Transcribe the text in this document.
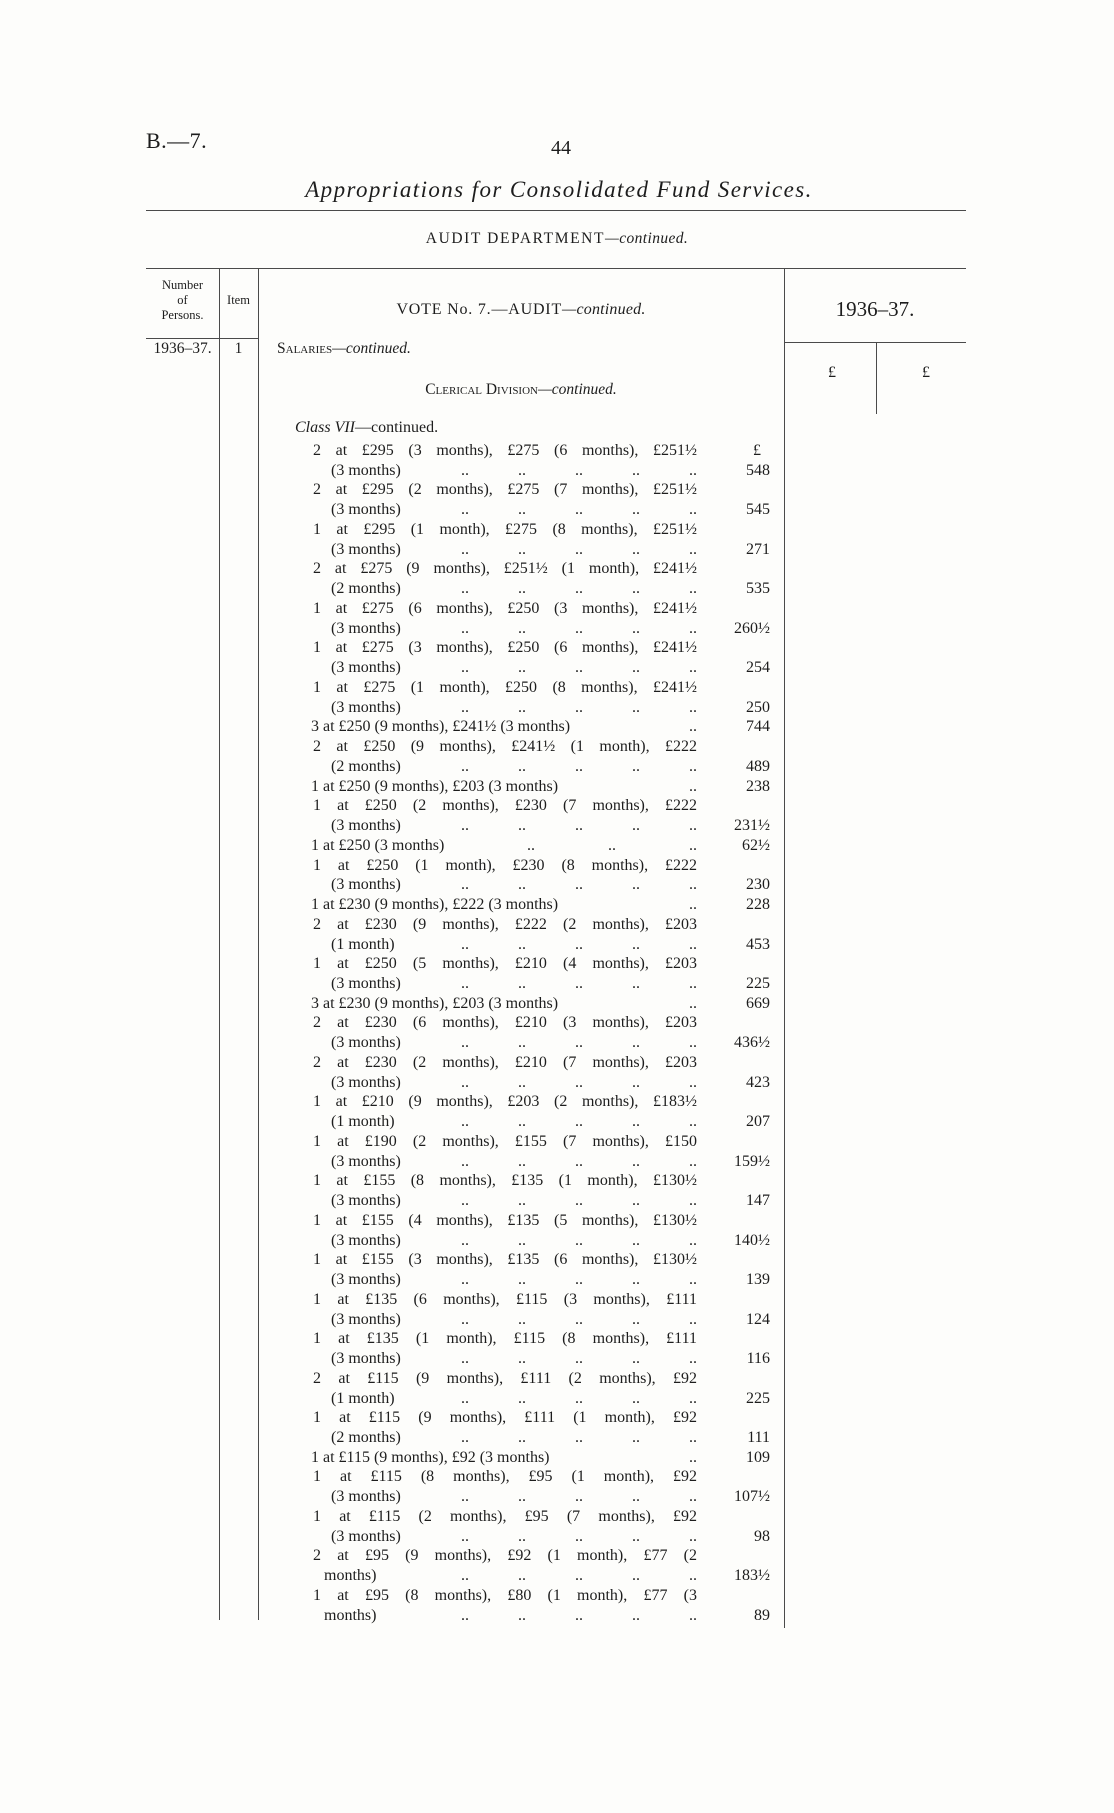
B.—7.	44
Appropriations for Consolidated Fund Services.
AUDIT DEPARTMENT—continued.
Number
of
Persons.
Item
VOTE No. 7.—AUDIT—continued.	1936–37.
£	£
1936–37.	1	Salaries—continued.
Clerical Division—continued.
Class VII—continued.
£
2 at £295 (3 months), £275 (6 months), £251½
(3 months)	.. .. .. .. ..	548
2 at £295 (2 months), £275 (7 months), £251½
(3 months)	.. .. .. .. ..	545
1 at £295 (1 month), £275 (8 months), £251½
(3 months)	.. .. .. .. ..	271
2 at £275 (9 months), £251½ (1 month), £241½
(2 months)	.. .. .. .. ..	535
1 at £275 (6 months), £250 (3 months), £241½
(3 months)	.. .. .. .. ..	260½
1 at £275 (3 months), £250 (6 months), £241½
(3 months)	.. .. .. .. ..	254
1 at £275 (1 month), £250 (8 months), £241½
(3 months)	.. .. .. .. ..	250
3 at £250 (9 months), £241½ (3 months)	..	744
2 at £250 (9 months), £241½ (1 month), £222
(2 months)	.. .. .. .. ..	489
1 at £250 (9 months), £203 (3 months)	..	238
1 at £250 (2 months), £230 (7 months), £222
(3 months)	.. .. .. .. ..	231½
1 at £250 (3 months)	.. .. ..	62½
1 at £250 (1 month), £230 (8 months), £222
(3 months)	.. .. .. .. ..	230
1 at £230 (9 months), £222 (3 months)	..	228
2 at £230 (9 months), £222 (2 months), £203
(1 month)	.. .. .. .. ..	453
1 at £250 (5 months), £210 (4 months), £203
(3 months)	.. .. .. .. ..	225
3 at £230 (9 months), £203 (3 months)	..	669
2 at £230 (6 months), £210 (3 months), £203
(3 months)	.. .. .. .. ..	436½
2 at £230 (2 months), £210 (7 months), £203
(3 months)	.. .. .. .. ..	423
1 at £210 (9 months), £203 (2 months), £183½
(1 month)	.. .. .. .. ..	207
1 at £190 (2 months), £155 (7 months), £150
(3 months)	.. .. .. .. ..	159½
1 at £155 (8 months), £135 (1 month), £130½
(3 months)	.. .. .. .. ..	147
1 at £155 (4 months), £135 (5 months), £130½
(3 months)	.. .. .. .. ..	140½
1 at £155 (3 months), £135 (6 months), £130½
(3 months)	.. .. .. .. ..	139
1 at £135 (6 months), £115 (3 months), £111
(3 months)	.. .. .. .. ..	124
1 at £135 (1 month), £115 (8 months), £111
(3 months)	.. .. .. .. ..	116
2 at £115 (9 months), £111 (2 months), £92
(1 month)	.. .. .. .. ..	225
1 at £115 (9 months), £111 (1 month), £92
(2 months)	.. .. .. .. ..	111
1 at £115 (9 months), £92 (3 months)	..	109
1 at £115 (8 months), £95 (1 month), £92
(3 months)	.. .. .. .. ..	107½
1 at £115 (2 months), £95 (7 months), £92
(3 months)	.. .. .. .. ..	98
2 at £95 (9 months), £92 (1 month), £77 (2
months)	.. .. .. .. ..	183½
1 at £95 (8 months), £80 (1 month), £77 (3
months)	.. .. .. .. ..	89
